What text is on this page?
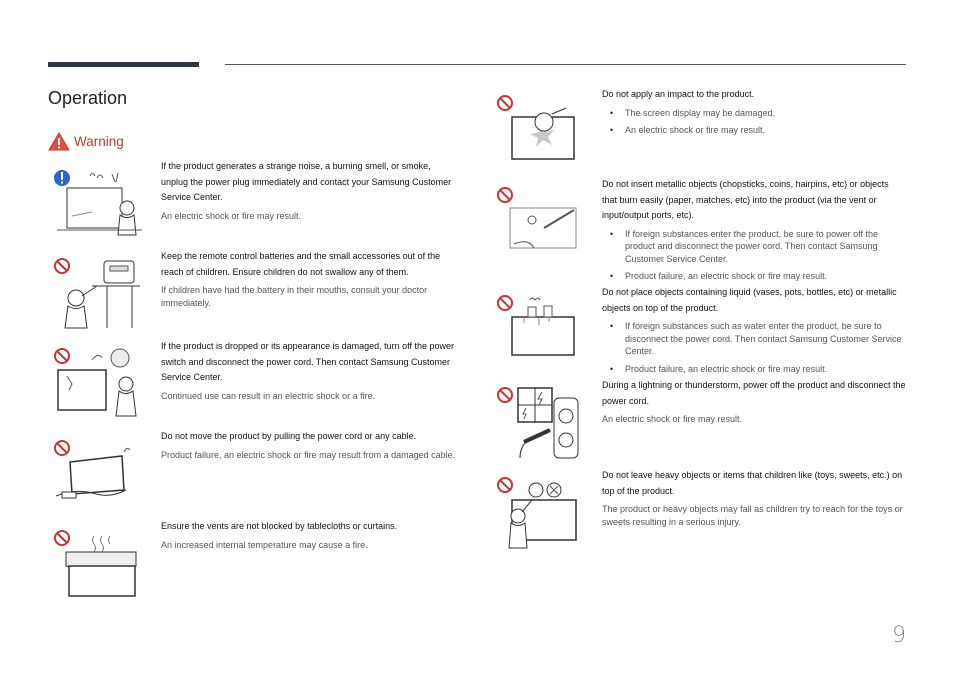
Operation
Warning

If the product generates a strange noise, a burning smell, or smoke, unplug the power plug immediately and contact your Samsung Customer Service Center.

An electric shock or fire may result.

Keep the remote control batteries and the small accessories out of the reach of children. Ensure children do not swallow any of them.

If children have had the battery in their mouths, consult your doctor immediately.

If the product is dropped or its appearance is damaged, turn off the power switch and disconnect the power cord. Then contact Samsung Customer Service Center.

Continued use can result in an electric shock or a fire.

Do not move the product by pulling the power cord or any cable.

Product failure, an electric shock or fire may result from a damaged cable.

Ensure the vents are not blocked by tablecloths or curtains.

An increased internal temperature may cause a fire.

Do not apply an impact to the product.

• The screen display may be damaged.
• An electric shock or fire may result.

Do not insert metallic objects (chopsticks, coins, hairpins, etc) or objects that burn easily (paper, matches, etc) into the product (via the vent or input/output ports, etc).

• If foreign substances enter the product, be sure to power off the product and disconnect the power cord. Then contact Samsung Customer Service Center.
• Product failure, an electric shock or fire may result.

Do not place objects containing liquid (vases, pots, bottles, etc) or metallic objects on top of the product.

• If foreign substances such as water enter the product, be sure to disconnect the power cord. Then contact Samsung Customer Service Center.
• Product failure, an electric shock or fire may result.

During a lightning or thunderstorm, power off the product and disconnect the power cord.

An electric shock or fire may result.

Do not leave heavy objects or items that children like (toys, sweets, etc.) on top of the product.

The product or heavy objects may fall as children try to reach for the toys or sweets resulting in a serious injury.

9
